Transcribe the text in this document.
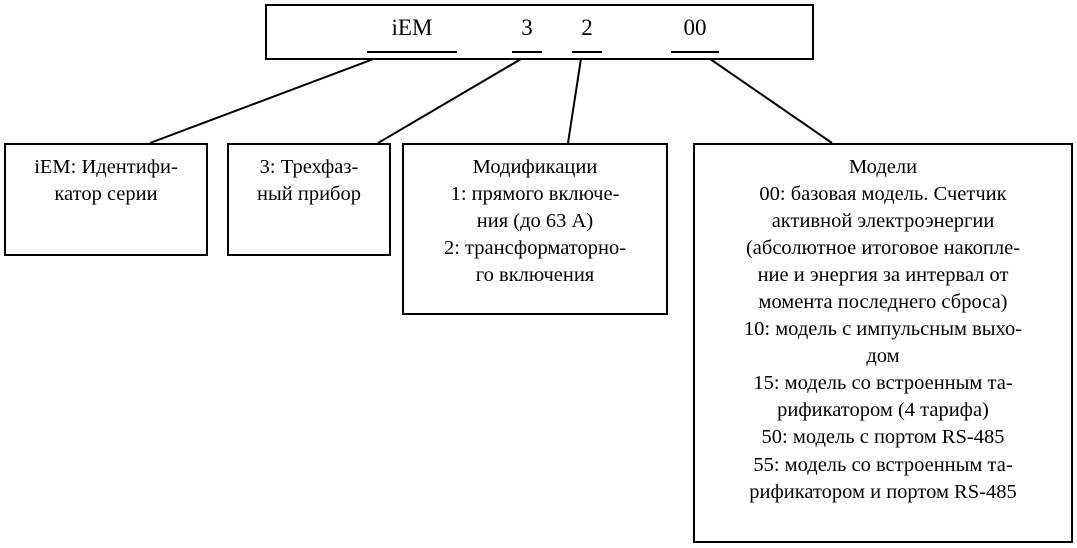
iEM	3	2	00

iEM: Идентифи-

катор серии

3: Трехфаз-

ный прибор

Модификации

1: прямого включе-

ния (до 63 А)

2: трансформаторно-

го включения

Модели

00: базовая модель. Счетчик

активной электроэнергии

(абсолютное итоговое накопле-

ние и энергия за интервал от

момента последнего сброса)

10: модель с импульсным выхо-

дом

15: модель со встроенным та-

рификатором (4 тарифа)

50: модель с портом RS-485

55: модель со встроенным та-

рификатором и портом RS-485
